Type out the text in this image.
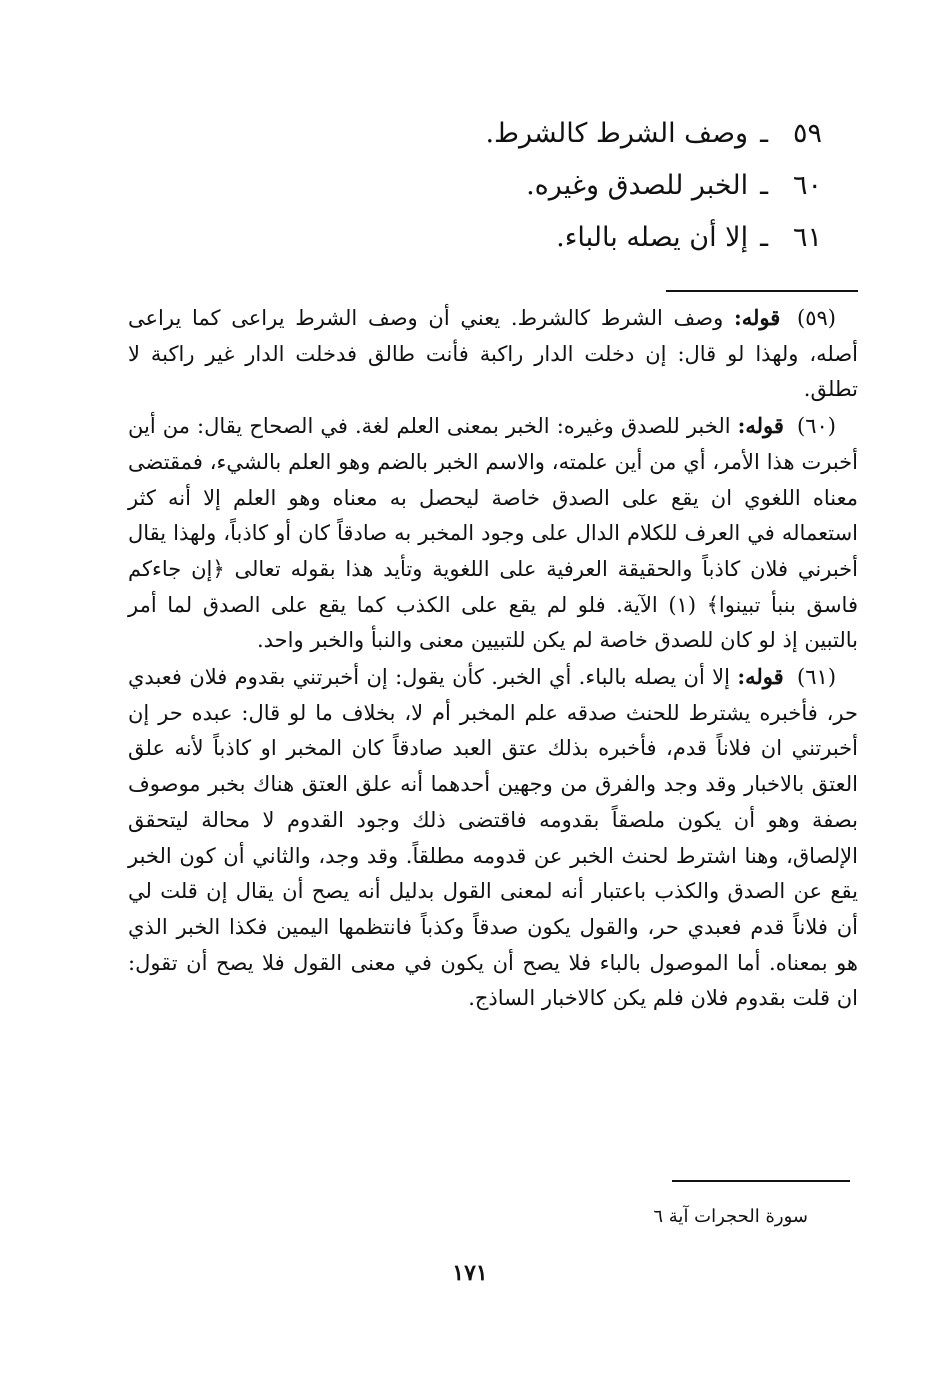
٥٩
ـ
وصف الشرط كالشرط.
٦٠
ـ
الخبر للصدق وغيره.
٦١
ـ
إلا أن يصله بالباء.

(٥٩) قوله: وصف الشرط كالشرط. يعني أن وصف الشرط يراعى كما يراعى أصله، ولهذا لو قال: إن دخلت الدار راكبة فأنت طالق فدخلت الدار غير راكبة لا تطلق.

(٦٠) قوله: الخبر للصدق وغيره: الخبر بمعنى العلم لغة. في الصحاح يقال: من أين أخبرت هذا الأمر، أي من أين علمته، والاسم الخبر بالضم وهو العلم بالشيء، فمقتضى معناه اللغوي ان يقع على الصدق خاصة ليحصل به معناه وهو العلم إلا أنه كثر استعماله في العرف للكلام الدال على وجود المخبر به صادقاً كان أو كاذباً، ولهذا يقال أخبرني فلان كاذباً والحقيقة العرفية على اللغوية وتأيد هذا بقوله تعالى ﴿إن جاءكم فاسق بنبأ تبينوا﴾ (١) الآية. فلو لم يقع على الكذب كما يقع على الصدق لما أمر بالتبين إذ لو كان للصدق خاصة لم يكن للتبيين معنى والنبأ والخبر واحد.

(٦١) قوله: إلا أن يصله بالباء. أي الخبر. كأن يقول: إن أخبرتني بقدوم فلان فعبدي حر، فأخبره يشترط للحنث صدقه علم المخبر أم لا، بخلاف ما لو قال: عبده حر إن أخبرتني ان فلاناً قدم، فأخبره بذلك عتق العبد صادقاً كان المخبر او كاذباً لأنه علق العتق بالاخبار وقد وجد والفرق من وجهين أحدهما أنه علق العتق هناك بخبر موصوف بصفة وهو أن يكون ملصقاً بقدومه فاقتضى ذلك وجود القدوم لا محالة ليتحقق الإلصاق، وهنا اشترط لحنث الخبر عن قدومه مطلقاً. وقد وجد، والثاني أن كون الخبر يقع عن الصدق والكذب باعتبار أنه لمعنى القول بدليل أنه يصح أن يقال إن قلت لي أن فلاناً قدم فعبدي حر، والقول يكون صدقاً وكذباً فانتظمها اليمين فكذا الخبر الذي هو بمعناه. أما الموصول بالباء فلا يصح أن يكون في معنى القول فلا يصح أن تقول: ان قلت بقدوم فلان فلم يكن كالاخبار الساذج.

سورة الحجرات آية ٦
١٧١
